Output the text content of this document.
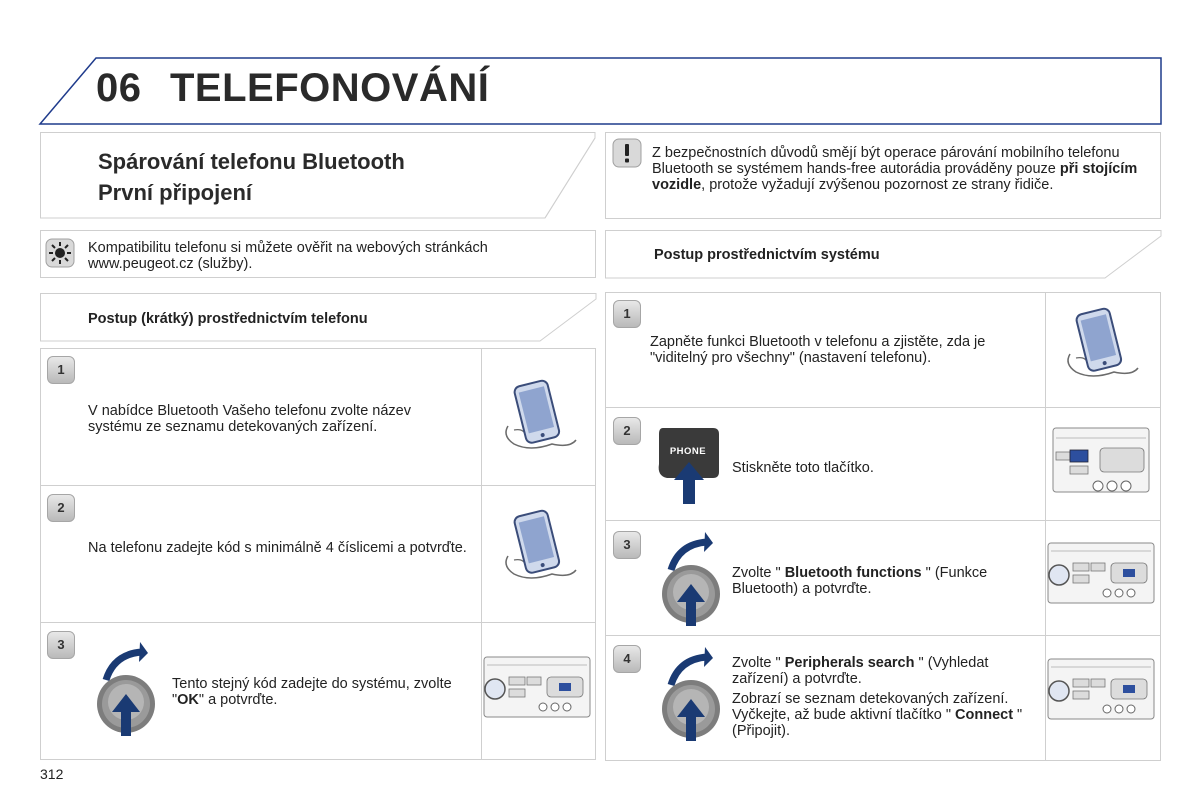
06 TELEFONOVÁNÍ
Spárování telefonu Bluetooth
První připojení
Z bezpečnostních důvodů smějí být operace párování mobilního telefonu Bluetooth se systémem hands-free autorádia prováděny pouze při stojícím vozidle, protože vyžadují zvýšenou pozornost ze strany řidiče.
Kompatibilitu telefonu si můžete ověřit na webových stránkách www.peugeot.cz (služby).
Postup prostřednictvím systému
Postup (krátký) prostřednictvím telefonu
1
V nabídce Bluetooth Vašeho telefonu zvolte název systému ze seznamu detekovaných zařízení.
2
Na telefonu zadejte kód s minimálně 4 číslicemi a potvrďte.
3
Tento stejný kód zadejte do systému, zvolte "OK" a potvrďte.
1
Zapněte funkci Bluetooth v telefonu a zjistěte, zda je "viditelný pro všechny" (nastavení telefonu).
2
PHONE
Stiskněte toto tlačítko.
3
Zvolte " Bluetooth functions " (Funkce Bluetooth) a potvrďte.
4	Zvolte " Peripherals search " (Vyhledat zařízení) a potvrďte.
Zobrazí se seznam detekovaných zařízení. Vyčkejte, až bude aktivní tlačítko " Connect " (Připojit).
312
